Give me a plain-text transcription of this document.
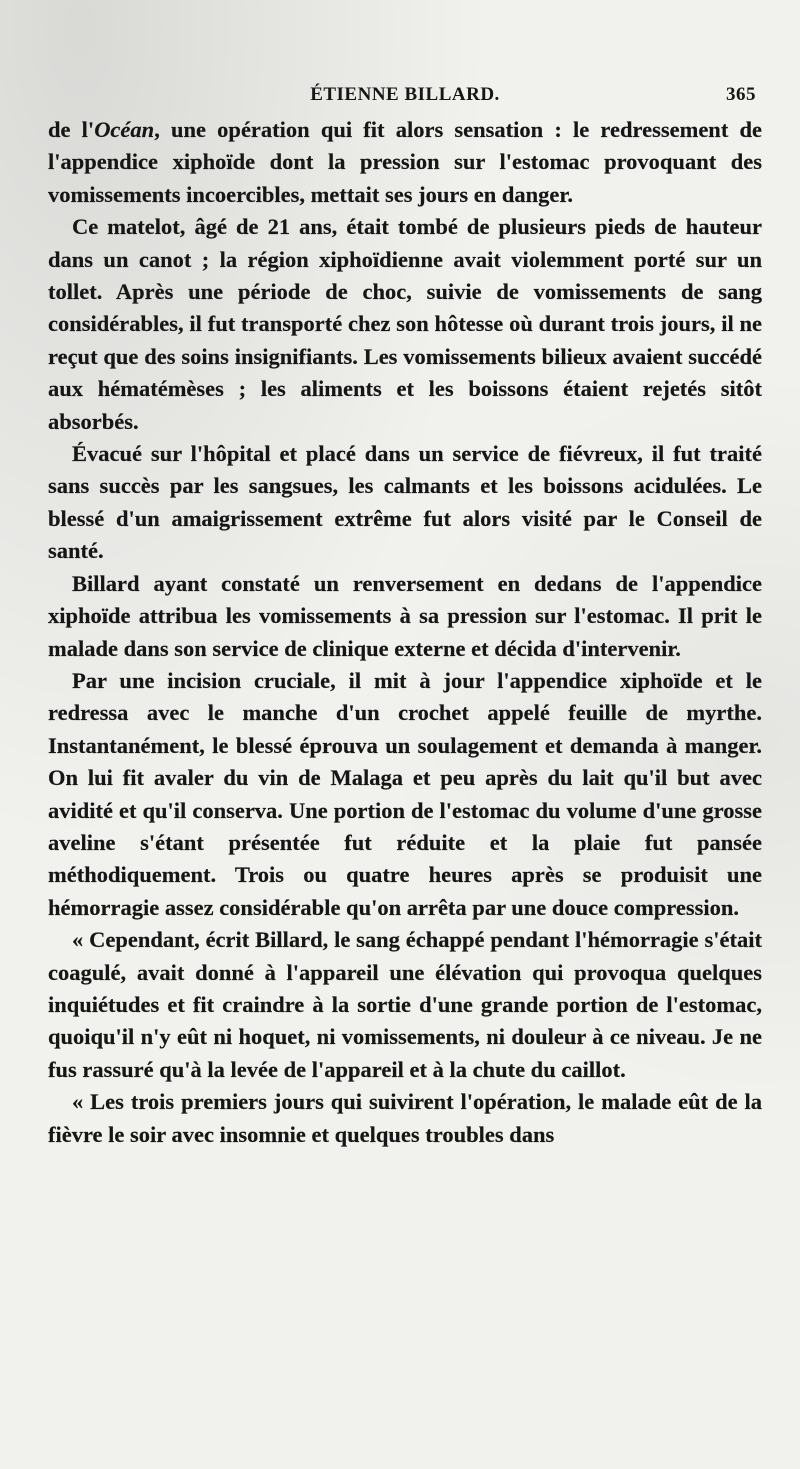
ÉTIENNE BILLARD.	365

de l'Océan, une opération qui fit alors sensation : le redressement de l'appendice xiphoïde dont la pression sur l'estomac provoquant des vomissements incoercibles, mettait ses jours en danger.

Ce matelot, âgé de 21 ans, était tombé de plusieurs pieds de hauteur dans un canot ; la région xiphoïdienne avait violemment porté sur un tollet. Après une période de choc, suivie de vomissements de sang considérables, il fut transporté chez son hôtesse où durant trois jours, il ne reçut que des soins insignifiants. Les vomissements bilieux avaient succédé aux hématémèses ; les aliments et les boissons étaient rejetés sitôt absorbés.

Évacué sur l'hôpital et placé dans un service de fiévreux, il fut traité sans succès par les sangsues, les calmants et les boissons acidulées. Le blessé d'un amaigrissement extrême fut alors visité par le Conseil de santé.

Billard ayant constaté un renversement en dedans de l'appendice xiphoïde attribua les vomissements à sa pression sur l'estomac. Il prit le malade dans son service de clinique externe et décida d'intervenir.

Par une incision cruciale, il mit à jour l'appendice xiphoïde et le redressa avec le manche d'un crochet appelé feuille de myrthe. Instantanément, le blessé éprouva un soulagement et demanda à manger. On lui fit avaler du vin de Malaga et peu après du lait qu'il but avec avidité et qu'il conserva. Une portion de l'estomac du volume d'une grosse aveline s'étant présentée fut réduite et la plaie fut pansée méthodiquement. Trois ou quatre heures après se produisit une hémorragie assez considérable qu'on arrêta par une douce compression.

« Cependant, écrit Billard, le sang échappé pendant l'hémorragie s'était coagulé, avait donné à l'appareil une élévation qui provoqua quelques inquiétudes et fit craindre à la sortie d'une grande portion de l'estomac, quoiqu'il n'y eût ni hoquet, ni vomissements, ni douleur à ce niveau. Je ne fus rassuré qu'à la levée de l'appareil et à la chute du caillot.

« Les trois premiers jours qui suivirent l'opération, le malade eût de la fièvre le soir avec insomnie et quelques troubles dans
